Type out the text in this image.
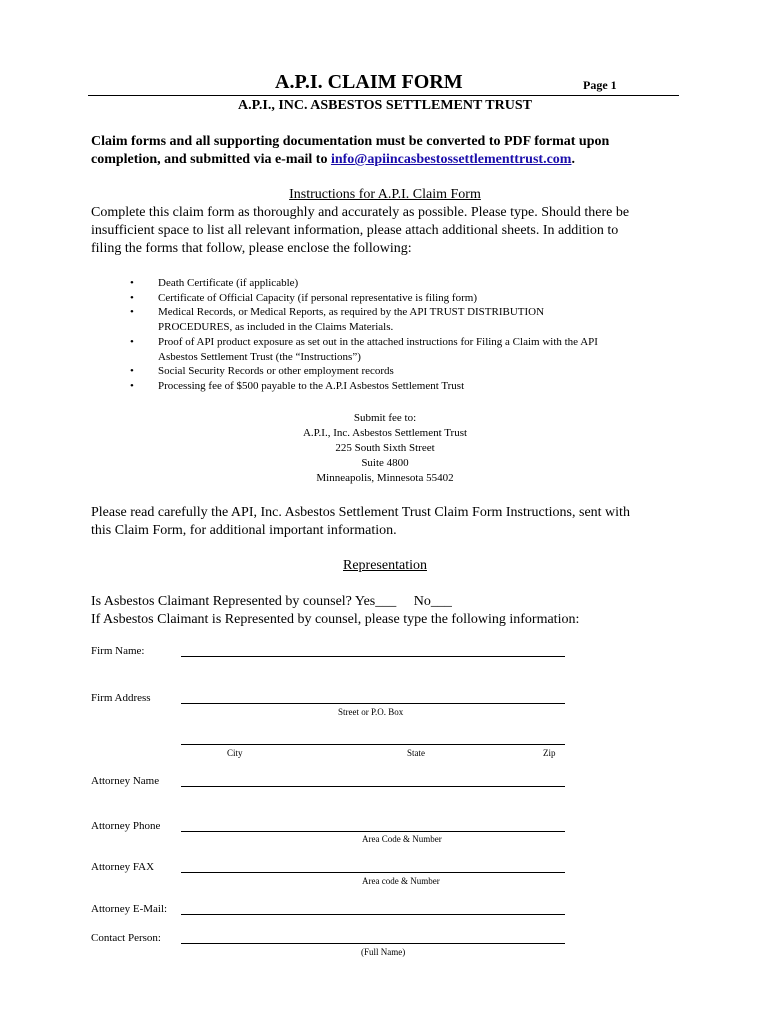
A.P.I. CLAIM FORM	Page 1
A.P.I., INC. ASBESTOS SETTLEMENT TRUST
Claim forms and all supporting documentation must be converted to PDF format upon
completion, and submitted via e-mail to info@apiincasbestossettlementtrust.com.
Instructions for A.P.I. Claim Form
Complete this claim form as thoroughly and accurately as possible. Please type. Should there be
insufficient space to list all relevant information, please attach additional sheets. In addition to
filing the forms that follow, please enclose the following:
• Death Certificate (if applicable)
• Certificate of Official Capacity (if personal representative is filing form)
• Medical Records, or Medical Reports, as required by the API TRUST DISTRIBUTION
PROCEDURES, as included in the Claims Materials.
• Proof of API product exposure as set out in the attached instructions for Filing a Claim with the API
Asbestos Settlement Trust (the “Instructions”)
• Social Security Records or other employment records
• Processing fee of $500 payable to the A.P.I Asbestos Settlement Trust
Submit fee to:
A.P.I., Inc. Asbestos Settlement Trust
225 South Sixth Street
Suite 4800
Minneapolis, Minnesota 55402
Please read carefully the API, Inc. Asbestos Settlement Trust Claim Form Instructions, sent with
this Claim Form, for additional important information.
Representation
Is Asbestos Claimant Represented by counsel? Yes___     No___
If Asbestos Claimant is Represented by counsel, please type the following information:
Firm Name:
Firm Address
Street or P.O. Box
City	State	Zip
Attorney Name
Attorney Phone
Area Code & Number
Attorney FAX
Area code & Number
Attorney E-Mail:
Contact Person:
(Full Name)
